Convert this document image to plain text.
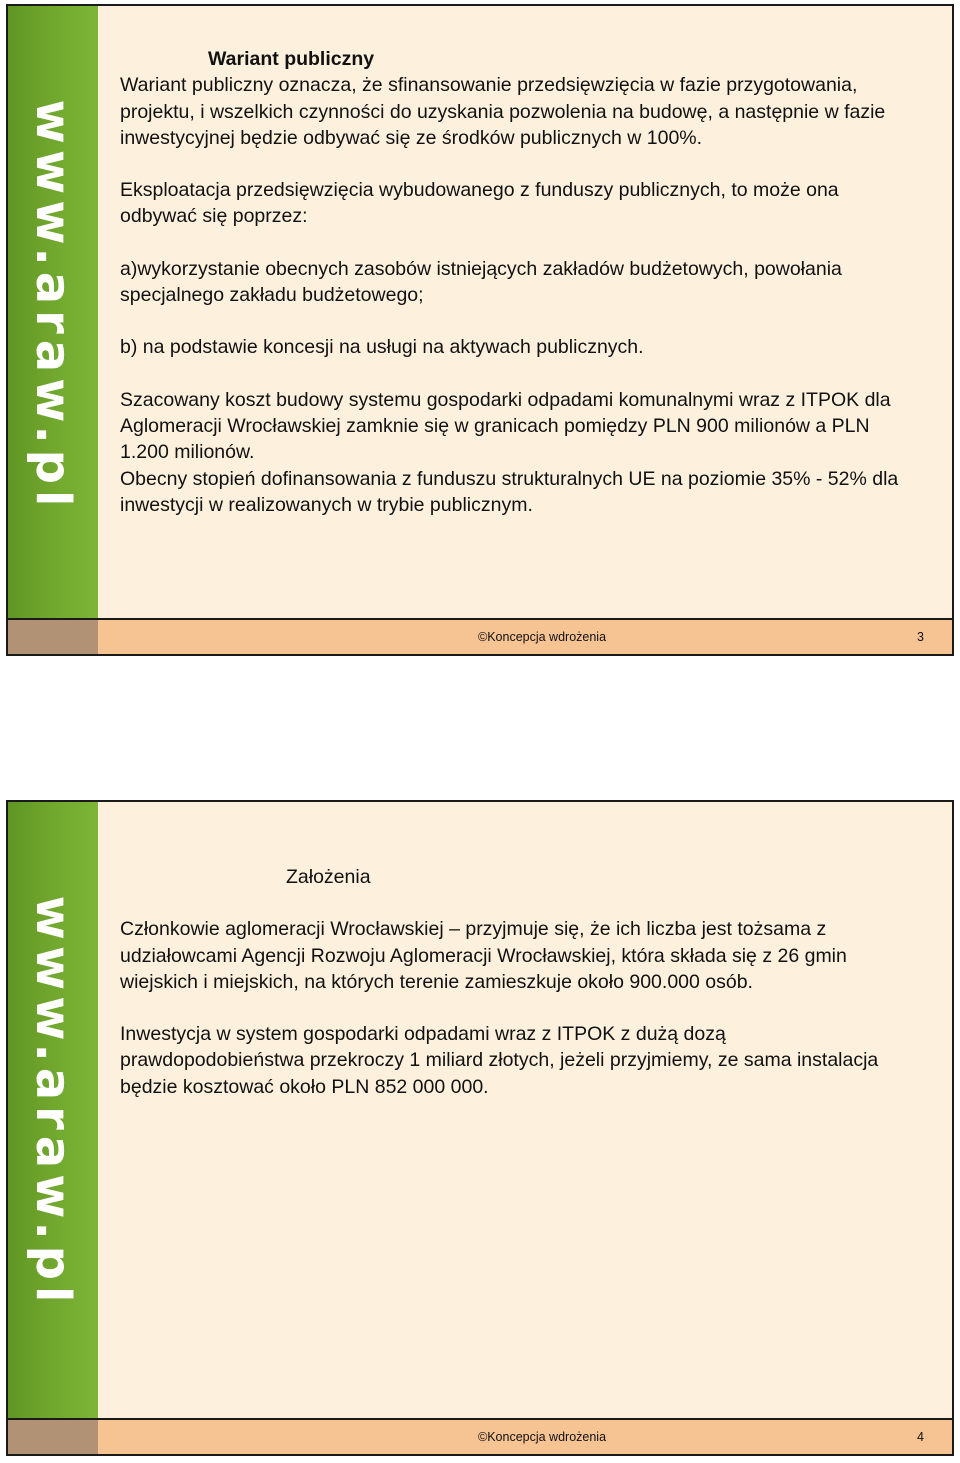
www.araw.pl

Wariant publiczny

Wariant publiczny oznacza, że sfinansowanie przedsięwzięcia w fazie przygotowania, projektu, i wszelkich czynności do uzyskania pozwolenia na budowę, a następnie w fazie inwestycyjnej będzie odbywać się ze środków publicznych w 100%.

Eksploatacja przedsięwzięcia wybudowanego z funduszy publicznych, to może ona odbywać się poprzez:

a)wykorzystanie obecnych zasobów istniejących zakładów budżetowych, powołania specjalnego zakładu budżetowego;

b) na podstawie koncesji na usługi na aktywach publicznych.

Szacowany koszt budowy systemu gospodarki odpadami komunalnymi wraz z ITPOK dla Aglomeracji Wrocławskiej zamknie się w granicach pomiędzy PLN 900 milionów a PLN 1.200 milionów.

Obecny stopień dofinansowania z funduszu strukturalnych UE na poziomie 35% - 52% dla inwestycji w realizowanych w trybie publicznym.

©Koncepcja wdrożenia	3
www.araw.pl

Założenia

Członkowie aglomeracji Wrocławskiej – przyjmuje się, że ich liczba jest tożsama z udziałowcami Agencji Rozwoju Aglomeracji Wrocławskiej, która składa się z 26 gmin wiejskich i miejskich, na których terenie zamieszkuje około 900.000 osób.

Inwestycja w system gospodarki odpadami wraz z ITPOK z dużą dozą prawdopodobieństwa przekroczy 1 miliard złotych, jeżeli przyjmiemy, ze sama instalacja będzie kosztować około PLN 852 000 000.

©Koncepcja wdrożenia	4
